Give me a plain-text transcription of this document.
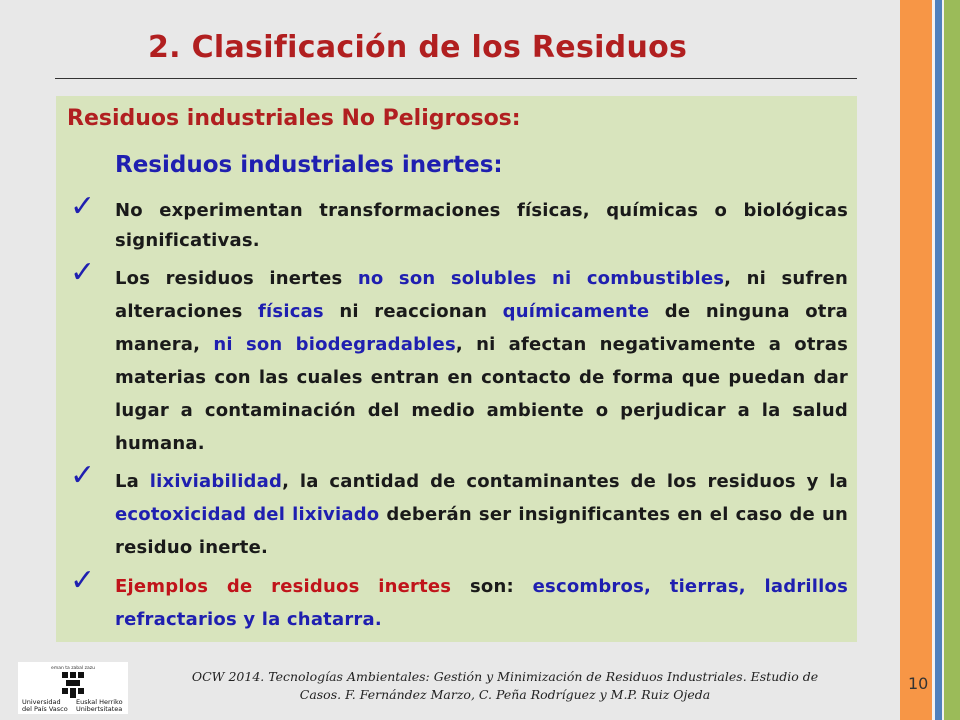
2. Clasificación de los Residuos
Residuos industriales No Peligrosos:
Residuos industriales inertes:
✓ No experimentan transformaciones físicas, químicas o biológicas significativas.
✓ Los residuos inertes no son solubles ni combustibles, ni sufren alteraciones físicas ni reaccionan químicamente de ninguna otra manera, ni son biodegradables, ni afectan negativamente a otras materias con las cuales entran en contacto de forma que puedan dar lugar a contaminación del medio ambiente o perjudicar a la salud humana.
✓ La lixiviabilidad, la cantidad de contaminantes de los residuos y la ecotoxicidad del lixiviado deberán ser insignificantes en el caso de un residuo inerte.
✓ Ejemplos de residuos inertes son: escombros, tierras, ladrillos refractarios y la chatarra.
eman ta zabal zazu
Universidad
del País Vasco
Euskal Herriko
Unibertsitatea
OCW 2014. Tecnologías Ambientales: Gestión y Minimización de Residuos Industriales. Estudio de Casos. F. Fernández Marzo, C. Peña Rodríguez y M.P. Ruiz Ojeda
10
